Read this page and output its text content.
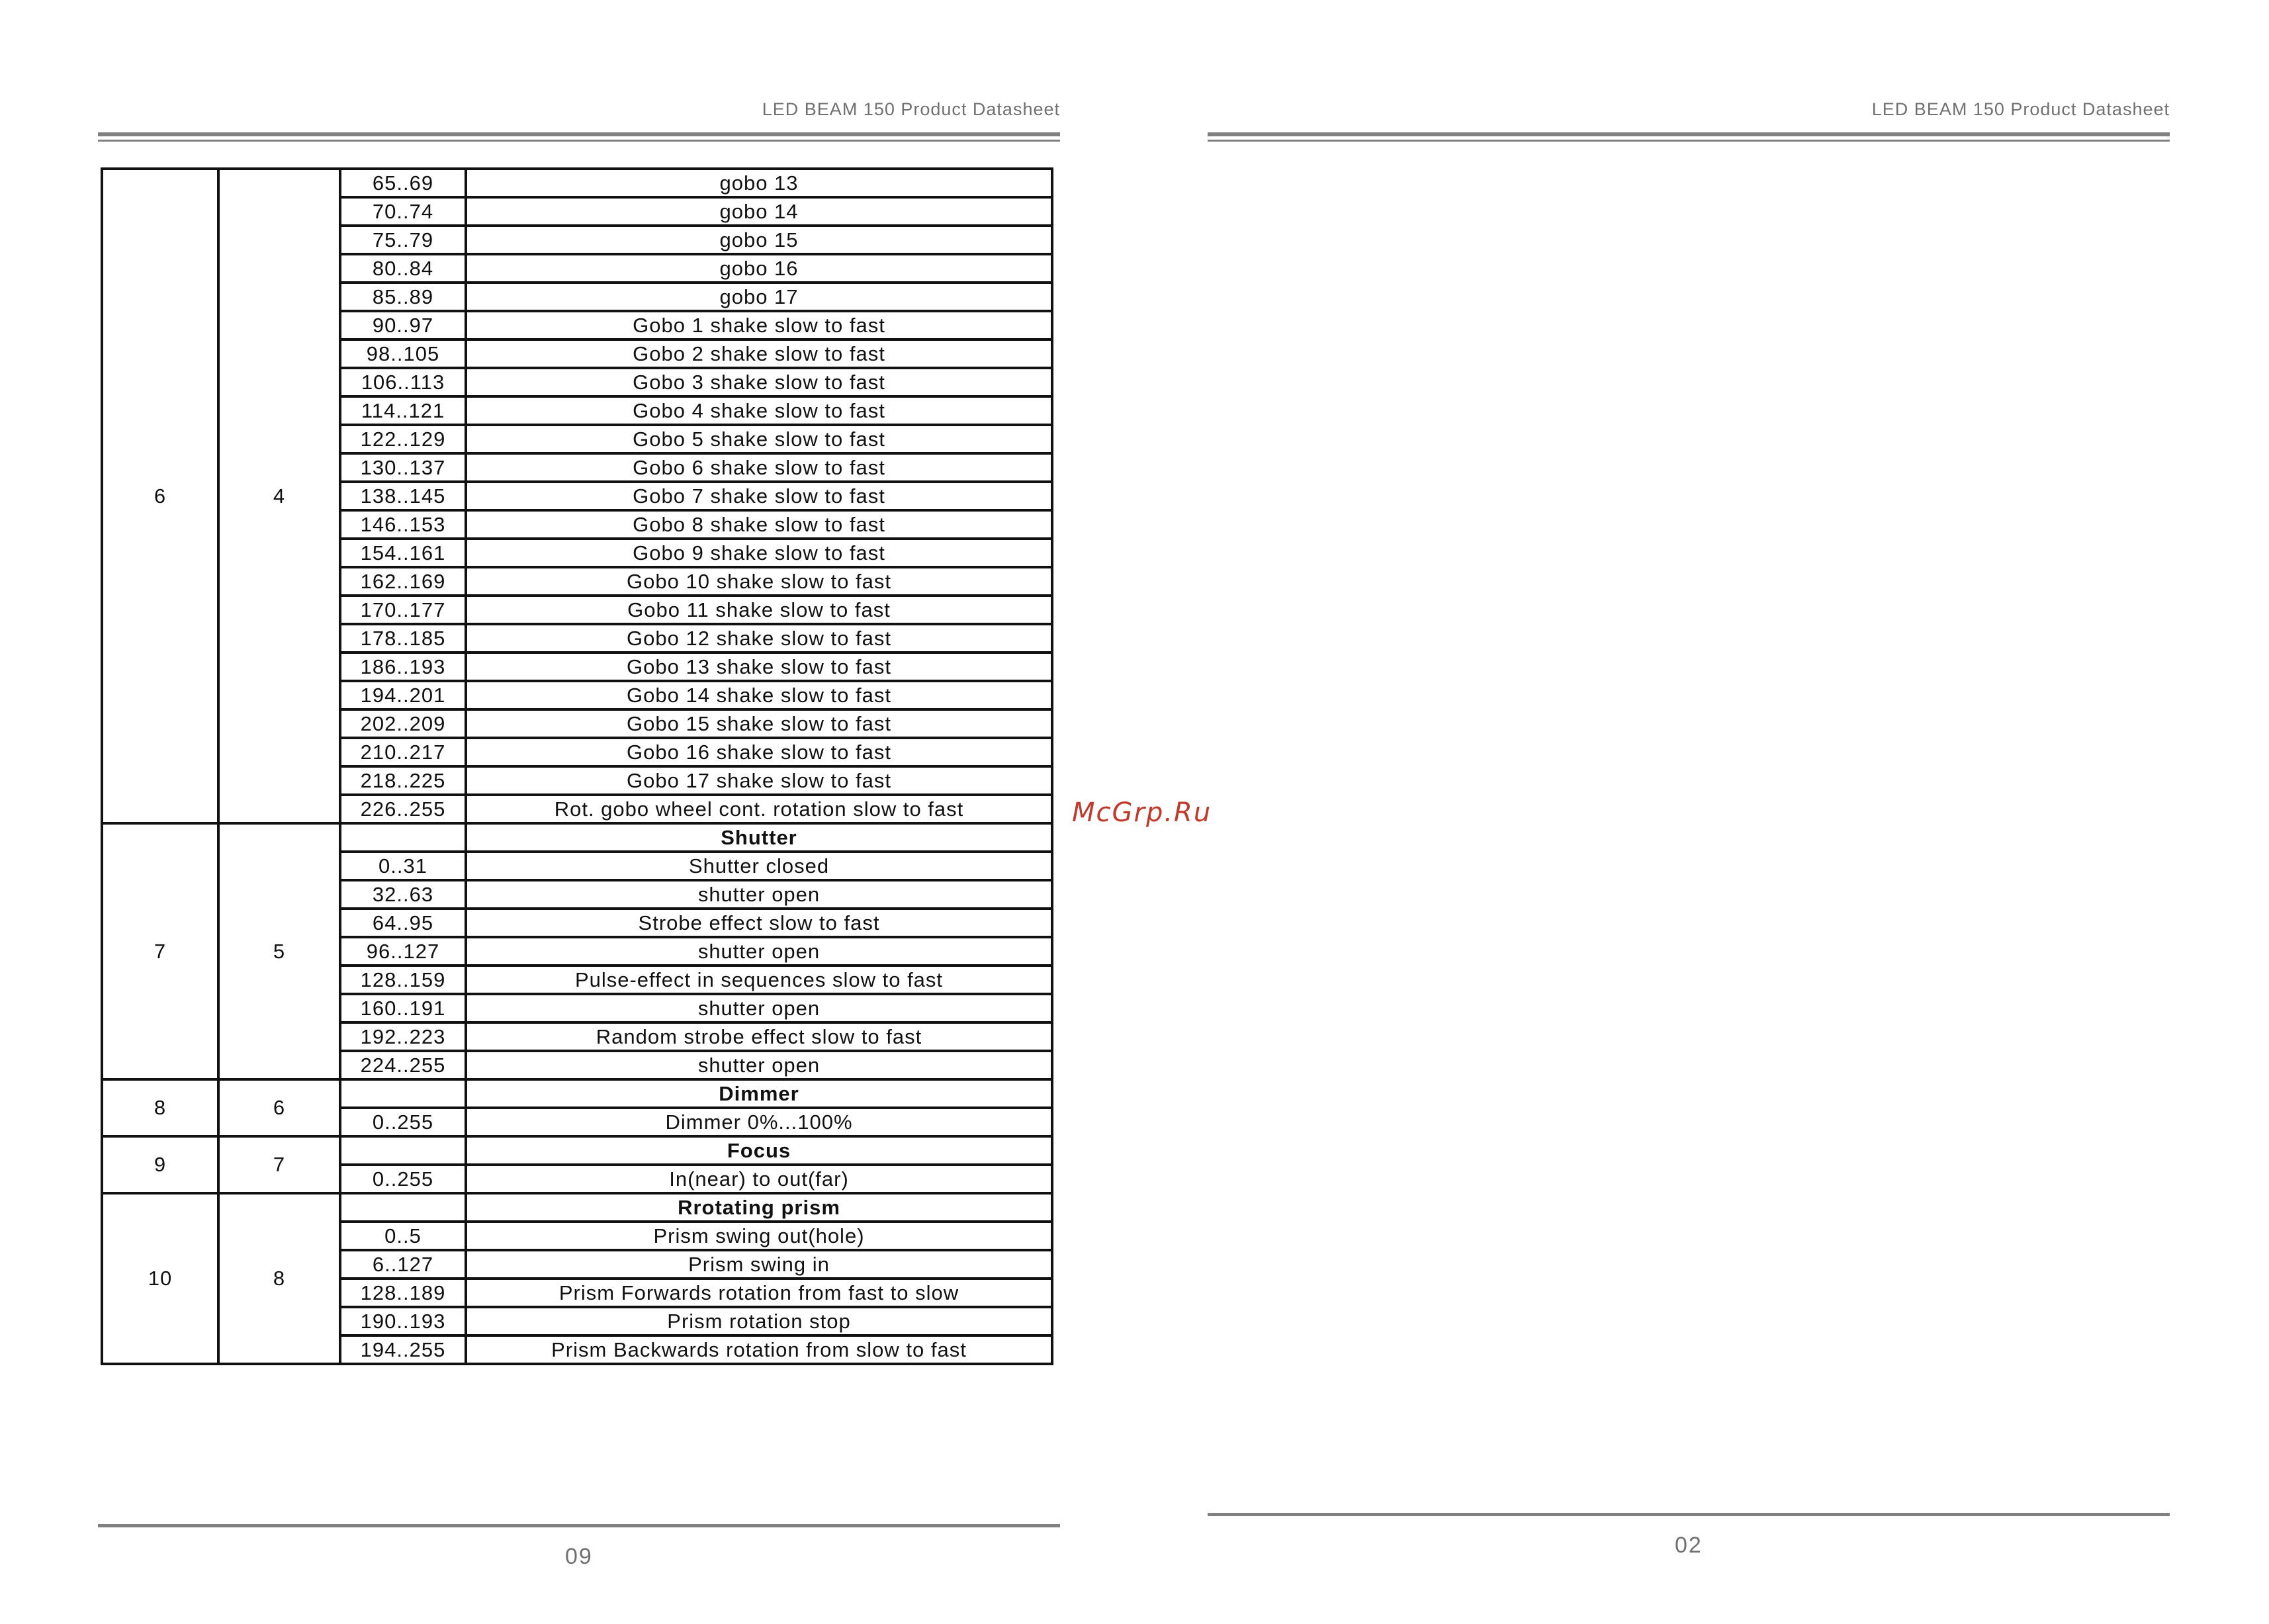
LED BEAM 150 Product Datasheet
6	4	65..69	gobo 13
		70..74	gobo 14
		75..79	gobo 15
		80..84	gobo 16
		85..89	gobo 17
		90..97	Gobo 1 shake slow to fast
		98..105	Gobo 2 shake slow to fast
		106..113	Gobo 3 shake slow to fast
		114..121	Gobo 4 shake slow to fast
		122..129	Gobo 5 shake slow to fast
		130..137	Gobo 6 shake slow to fast
		138..145	Gobo 7 shake slow to fast
		146..153	Gobo 8 shake slow to fast
		154..161	Gobo 9 shake slow to fast
		162..169	Gobo 10 shake slow to fast
		170..177	Gobo 11 shake slow to fast
		178..185	Gobo 12 shake slow to fast
		186..193	Gobo 13 shake slow to fast
		194..201	Gobo 14 shake slow to fast
		202..209	Gobo 15 shake slow to fast
		210..217	Gobo 16 shake slow to fast
		218..225	Gobo 17 shake slow to fast
		226..255	Rot. gobo wheel cont. rotation slow to fast
7	5		Shutter
		0..31	Shutter closed
		32..63	shutter open
		64..95	Strobe effect slow to fast
		96..127	shutter open
		128..159	Pulse-effect in sequences slow to fast
		160..191	shutter open
		192..223	Random strobe effect slow to fast
		224..255	shutter open
8	6		Dimmer
		0..255	Dimmer 0%...100%
9	7		Focus
		0..255	In(near) to out(far)
10	8		Rrotating prism
		0..5	Prism swing out(hole)
		6..127	Prism swing in
		128..189	Prism Forwards rotation from fast to slow
		190..193	Prism rotation stop
		194..255	Prism Backwards rotation from slow to fast
09
McGrp.Ru
LED BEAM 150 Product Datasheet
02
